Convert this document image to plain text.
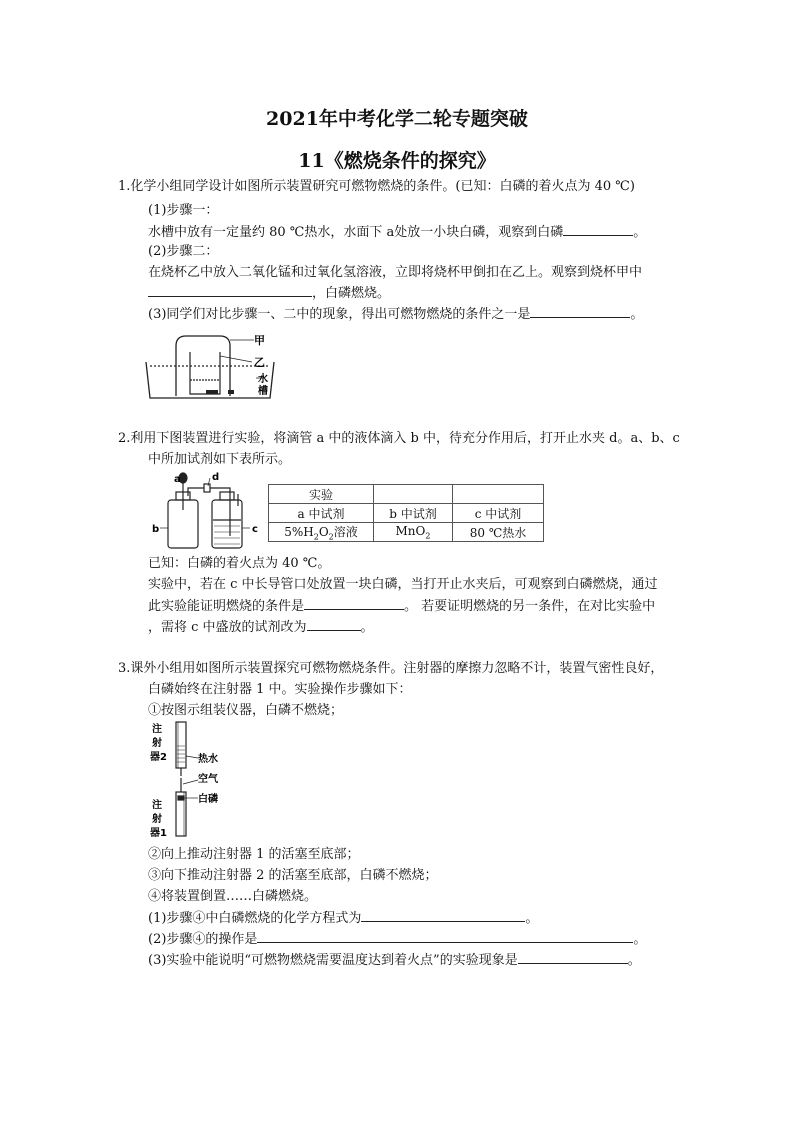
2021年中考化学二轮专题突破
11《燃烧条件的探究》
1.化学小组同学设计如图所示装置研究可燃物燃烧的条件。(已知：白磷的着火点为 40 ℃)
(1)步骤一：
水槽中放有一定量约 80 ℃热水，水面下 a处放一小块白磷，观察到白磷	。
(2)步骤二：
在烧杯乙中放入二氧化锰和过氧化氢溶液，立即将烧杯甲倒扣在乙上。观察到烧杯甲中
，白磷燃烧。
(3)同学们对比步骤一、二中的现象，得出可燃物燃烧的条件之一是	。
甲
乙
水
槽
2.利用下图装置进行实验，将滴管 a 中的液体滴入 b 中，待充分作用后，打开止水夹 d。a、b、c
中所加试剂如下表所示。
a
b	c
d
实验		
a 中试剂	b 中试剂	c 中试剂
$5\%H_2O_2$溶液	MnO$_2$	80 ℃热水
已知：白磷的着火点为 40 ℃。
实验中，若在 c 中长导管口处放置一块白磷，当打开止水夹后，可观察到白磷燃烧，通过
此实验能证明燃烧的条件是	。 若要证明燃烧的另一条件，在对比实验中
，需将 c 中盛放的试剂改为	。
3.课外小组用如图所示装置探究可燃物燃烧条件。注射器的摩擦力忽略不计，装置气密性良好，
白磷始终在注射器 1 中。实验操作步骤如下：
①按图示组装仪器，白磷不燃烧；
注
射
器2	热水
空气
白磷
注
射
器1
②向上推动注射器 1 的活塞至底部；
③向下推动注射器 2 的活塞至底部，白磷不燃烧；
④将装置倒置……白磷燃烧。
(1)步骤④中白磷燃烧的化学方程式为	。
(2)步骤④的操作是	。
(3)实验中能说明“可燃物燃烧需要温度达到着火点”的实验现象是	。
